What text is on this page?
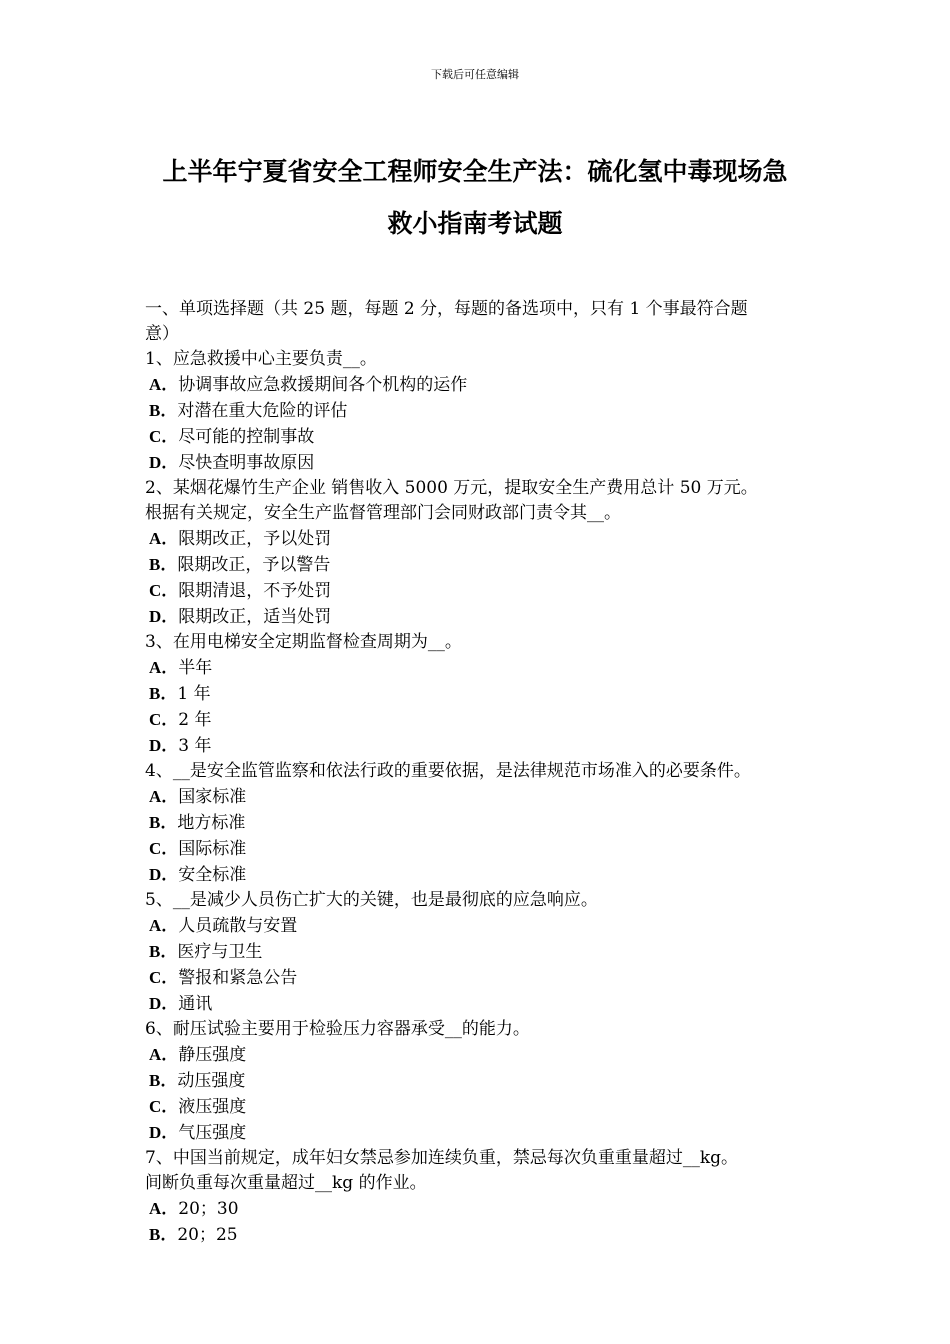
下载后可任意编辑
上半年宁夏省安全工程师安全生产法：硫化氢中毒现场急
救小指南考试题
一、单项选择题（共 25 题，每题 2 分，每题的备选项中，只有 1 个事最符合题
意）
1、应急救援中心主要负责__。
A．协调事故应急救援期间各个机构的运作
B．对潜在重大危险的评估
C．尽可能的控制事故
D．尽快查明事故原因
2、某烟花爆竹生产企业 销售收入 5000 万元，提取安全生产费用总计 50 万元。
根据有关规定，安全生产监督管理部门会同财政部门责令其__。
A．限期改正，予以处罚
B．限期改正，予以警告
C．限期清退，不予处罚
D．限期改正，适当处罚
3、在用电梯安全定期监督检查周期为__。
A．半年
B．1 年
C．2 年
D．3 年
4、__是安全监管监察和依法行政的重要依据，是法律规范市场准入的必要条件。
A．国家标准
B．地方标准
C．国际标准
D．安全标准
5、__是减少人员伤亡扩大的关键，也是最彻底的应急响应。
A．人员疏散与安置
B．医疗与卫生
C．警报和紧急公告
D．通讯
6、耐压试验主要用于检验压力容器承受__的能力。
A．静压强度
B．动压强度
C．液压强度
D．气压强度
7、中国当前规定，成年妇女禁忌参加连续负重，禁忌每次负重重量超过__kg。
间断负重每次重量超过__kg 的作业。
A．20；30
B．20；25
